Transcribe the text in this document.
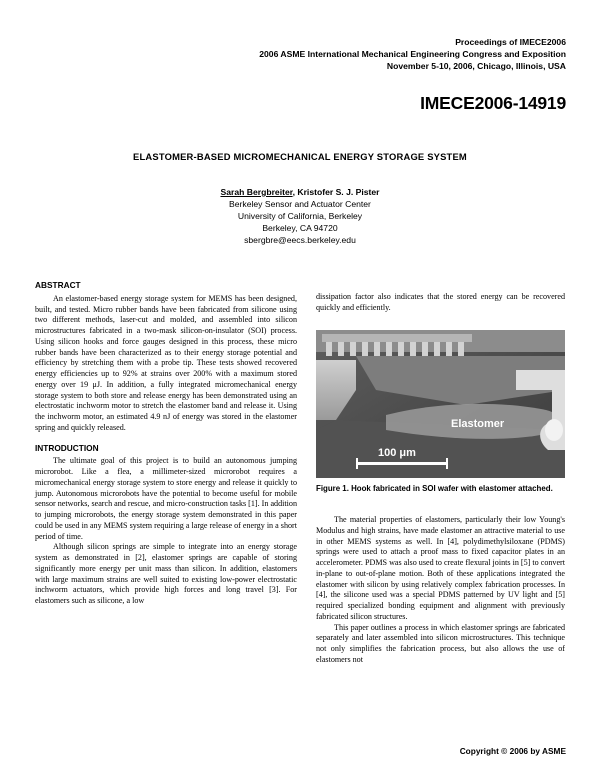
Proceedings of IMECE2006
2006 ASME International Mechanical Engineering Congress and Exposition
November 5-10, 2006, Chicago, Illinois, USA
IMECE2006-14919
ELASTOMER-BASED MICROMECHANICAL ENERGY STORAGE SYSTEM
Sarah Bergbreiter, Kristofer S. J. Pister
Berkeley Sensor and Actuator Center
University of California, Berkeley
Berkeley, CA 94720
sbergbre@eecs.berkeley.edu
ABSTRACT

An elastomer-based energy storage system for MEMS has been designed, built, and tested. Micro rubber bands have been fabricated from silicone using two different methods, laser-cut and molded, and assembled into silicon microstructures fabricated in a two-mask silicon-on-insulator (SOI) process. Using silicon hooks and force gauges designed in this process, these micro rubber bands have been characterized as to their energy storage potential and efficiency by stretching them with a probe tip. These tests showed recovered energy efficiencies up to 92% at strains over 200% with a maximum stored energy over 19 μJ. In addition, a fully integrated micromechanical energy storage system to both store and release energy has been demonstrated using an electrostatic inchworm motor to stretch the elastomer band and release it. Using the inchworm motor, an estimated 4.9 nJ of energy was stored in the elastomer spring and quickly released.

INTRODUCTION

The ultimate goal of this project is to build an autonomous jumping microrobot. Like a flea, a millimeter-sized microrobot requires a micromechanical energy storage system to store energy and release it quickly to jump. Autonomous microrobots have the potential to become useful for mobile sensor networks, search and rescue, and micro-construction tasks [1]. In addition to jumping microrobots, the energy storage system demonstrated in this paper could be used in any MEMS system requiring a large release of energy in a short period of time.

Although silicon springs are simple to integrate into an energy storage system as demonstrated in [2], elastomer springs are capable of storing significantly more energy per unit mass than silicon. In addition, elastomers with large maximum strains are well suited to existing low-power electrostatic inchworm actuators, which provide high forces and long travel [3]. For elastomers such as silicone, a low

dissipation factor also indicates that the stored energy can be recovered quickly and efficiently.

Elastomer
100 μm
Figure 1. Hook fabricated in SOI wafer with elastomer attached.

The material properties of elastomers, particularly their low Young's Modulus and high strains, have made elastomer an attractive material to use in other MEMS systems as well. In [4], polydimethylsiloxane (PDMS) springs were used to attach a proof mass to fixed capacitor plates in an accelerometer. PDMS was also used to create flexural joints in [5] to convert in-plane to out-of-plane motion. Both of these applications integrated the elastomer with silicon by using relatively complex fabrication processes. In [4], the silicone used was a special PDMS patterned by UV light and [5] required specialized bonding equipment and alignment with previously fabricated silicon structures.

This paper outlines a process in which elastomer springs are fabricated separately and later assembled into silicon microstructures. This technique not only simplifies the fabrication process, but also allows the use of elastomers not

Copyright © 2006 by ASME
